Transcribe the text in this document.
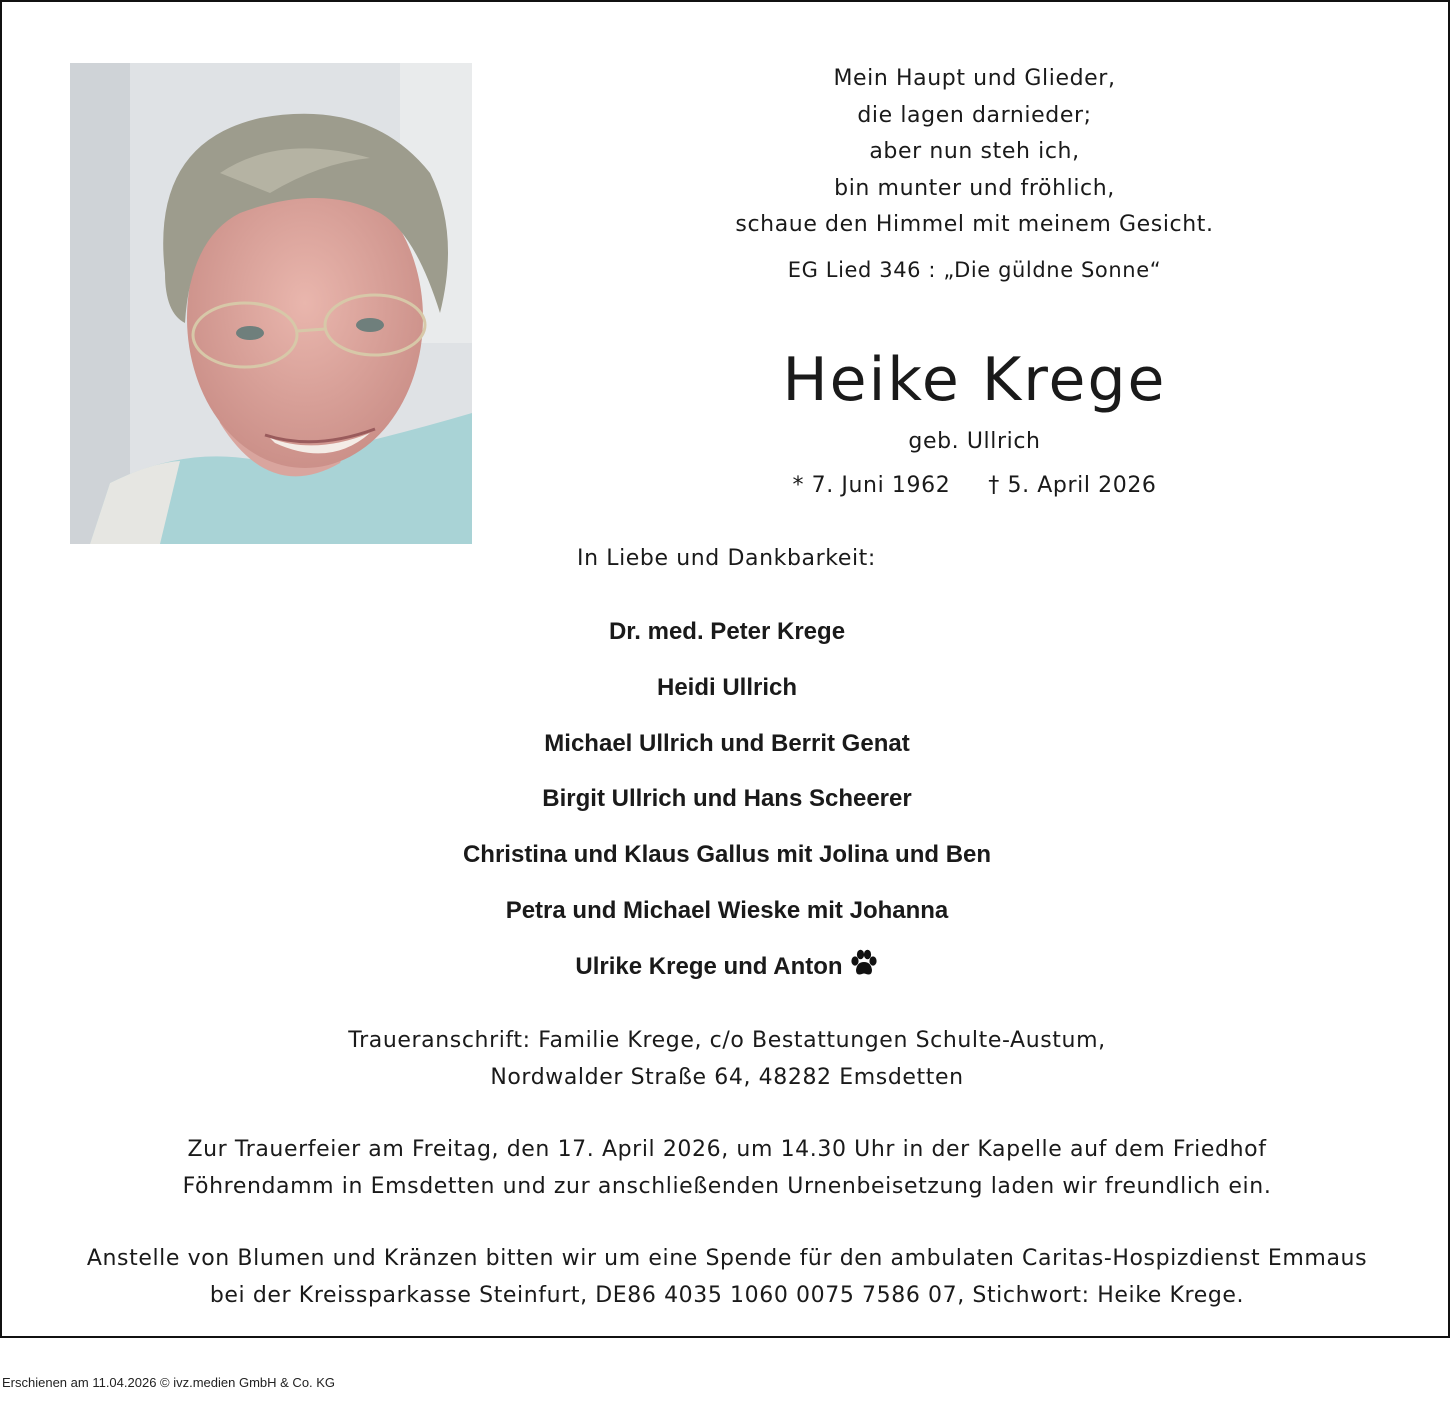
Mein Haupt und Glieder,
die lagen darnieder;
aber nun steh ich,
bin munter und fröhlich,
schaue den Himmel mit meinem Gesicht.
EG Lied 346 : „Die güldne Sonne“
Heike Krege
geb. Ullrich
* 7. Juni 1962 † 5. April 2026
In Liebe und Dankbarkeit:
Dr. med. Peter Krege
Heidi Ullrich
Michael Ullrich und Berrit Genat
Birgit Ullrich und Hans Scheerer
Christina und Klaus Gallus mit Jolina und Ben
Petra und Michael Wieske mit Johanna
Ulrike Krege und Anton
Traueranschrift: Familie Krege, c/o Bestattungen Schulte-Austum,
Nordwalder Straße 64, 48282 Emsdetten
Zur Trauerfeier am Freitag, den 17. April 2026, um 14.30 Uhr in der Kapelle auf dem Friedhof
Föhrendamm in Emsdetten und zur anschließenden Urnenbeisetzung laden wir freundlich ein.
Anstelle von Blumen und Kränzen bitten wir um eine Spende für den ambulaten Caritas-Hospizdienst Emmaus
bei der Kreissparkasse Steinfurt, DE86 4035 1060 0075 7586 07, Stichwort: Heike Krege.
Erschienen am 11.04.2026 © ivz.medien GmbH & Co. KG
